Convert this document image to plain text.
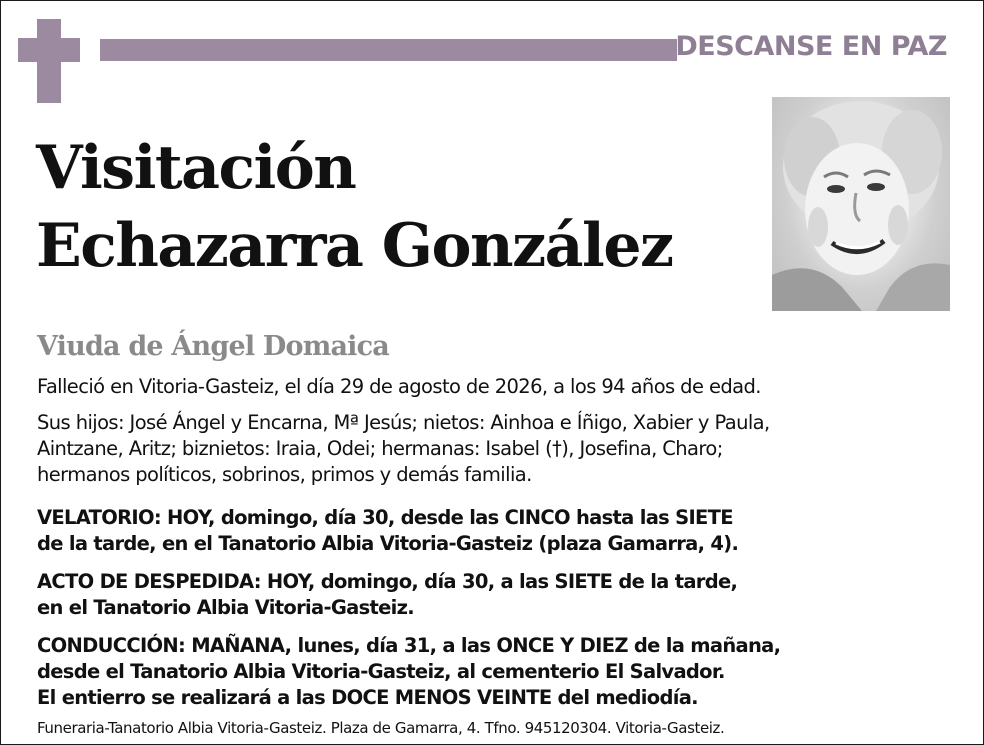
DESCANSE EN PAZ
Visitación
Echazarra González
Viuda de Ángel Domaica
Falleció en Vitoria-Gasteiz, el día 29 de agosto de 2026, a los 94 años de edad.
Sus hijos: José Ángel y Encarna, Mª Jesús; nietos: Ainhoa e Íñigo, Xabier y Paula,
Aintzane, Aritz; biznietos: Iraia, Odei; hermanas: Isabel (†), Josefina, Charo;
hermanos políticos, sobrinos, primos y demás familia.
VELATORIO: HOY, domingo, día 30, desde las CINCO hasta las SIETE
de la tarde, en el Tanatorio Albia Vitoria-Gasteiz (plaza Gamarra, 4).
ACTO DE DESPEDIDA: HOY, domingo, día 30, a las SIETE de la tarde,
en el Tanatorio Albia Vitoria-Gasteiz.
CONDUCCIÓN: MAÑANA, lunes, día 31, a las ONCE Y DIEZ de la mañana,
desde el Tanatorio Albia Vitoria-Gasteiz, al cementerio El Salvador.
El entierro se realizará a las DOCE MENOS VEINTE del mediodía.
Funeraria-Tanatorio Albia Vitoria-Gasteiz. Plaza de Gamarra, 4. Tfno. 945120304. Vitoria-Gasteiz.
